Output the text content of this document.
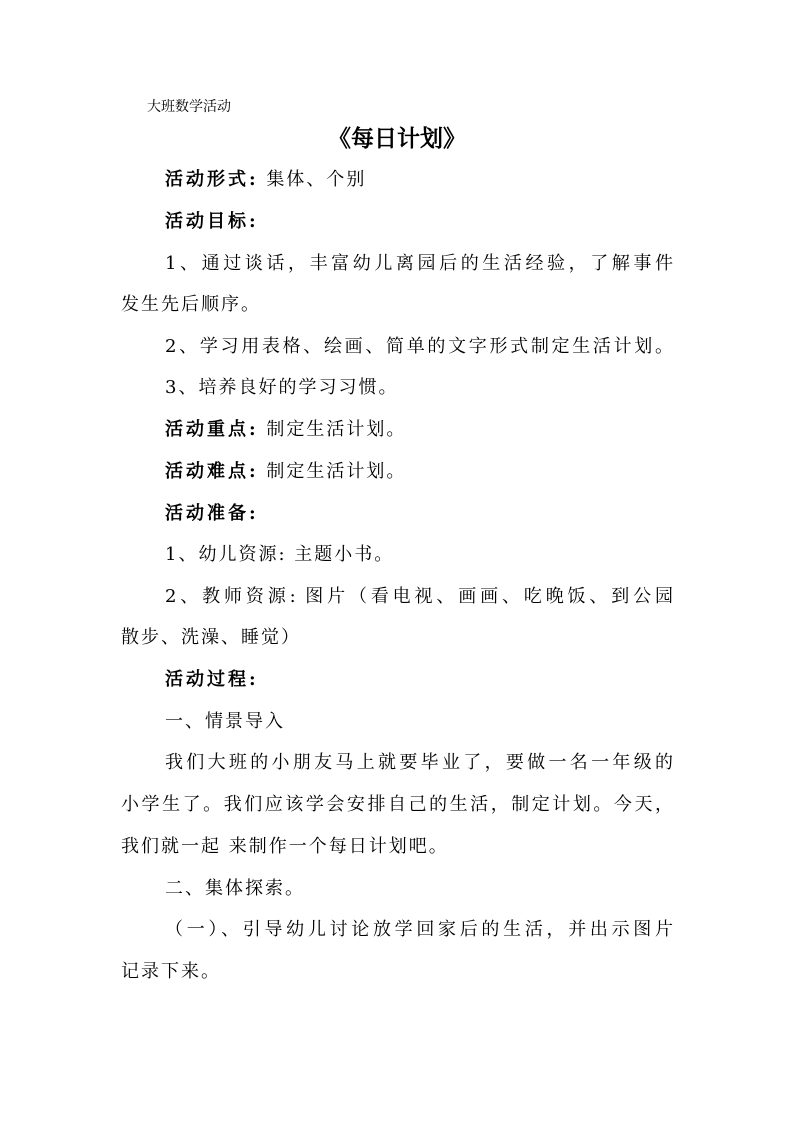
大班数学活动
《每日计划》
活动形式: 集体、个别
活动目标:
1、通过谈话，丰富幼儿离园后的生活经验，了解事件
发生先后顺序。
2、学习用表格、绘画、简单的文字形式制定生活计划。
3、培养良好的学习习惯。
活动重点: 制定生活计划。
活动难点: 制定生活计划。
活动准备:
1、幼儿资源: 主题小书。
2、教师资源: 图片（看电视、画画、吃晚饭、到公园
散步、洗澡、睡觉）
活动过程:
一、情景导入
我们大班的小朋友马上就要毕业了，要做一名一年级的
小学生了。我们应该学会安排自己的生活，制定计划。今天，
我们就一起 来制作一个每日计划吧。
二、集体探索。
（一）、引导幼儿讨论放学回家后的生活，并出示图片
记录下来。
